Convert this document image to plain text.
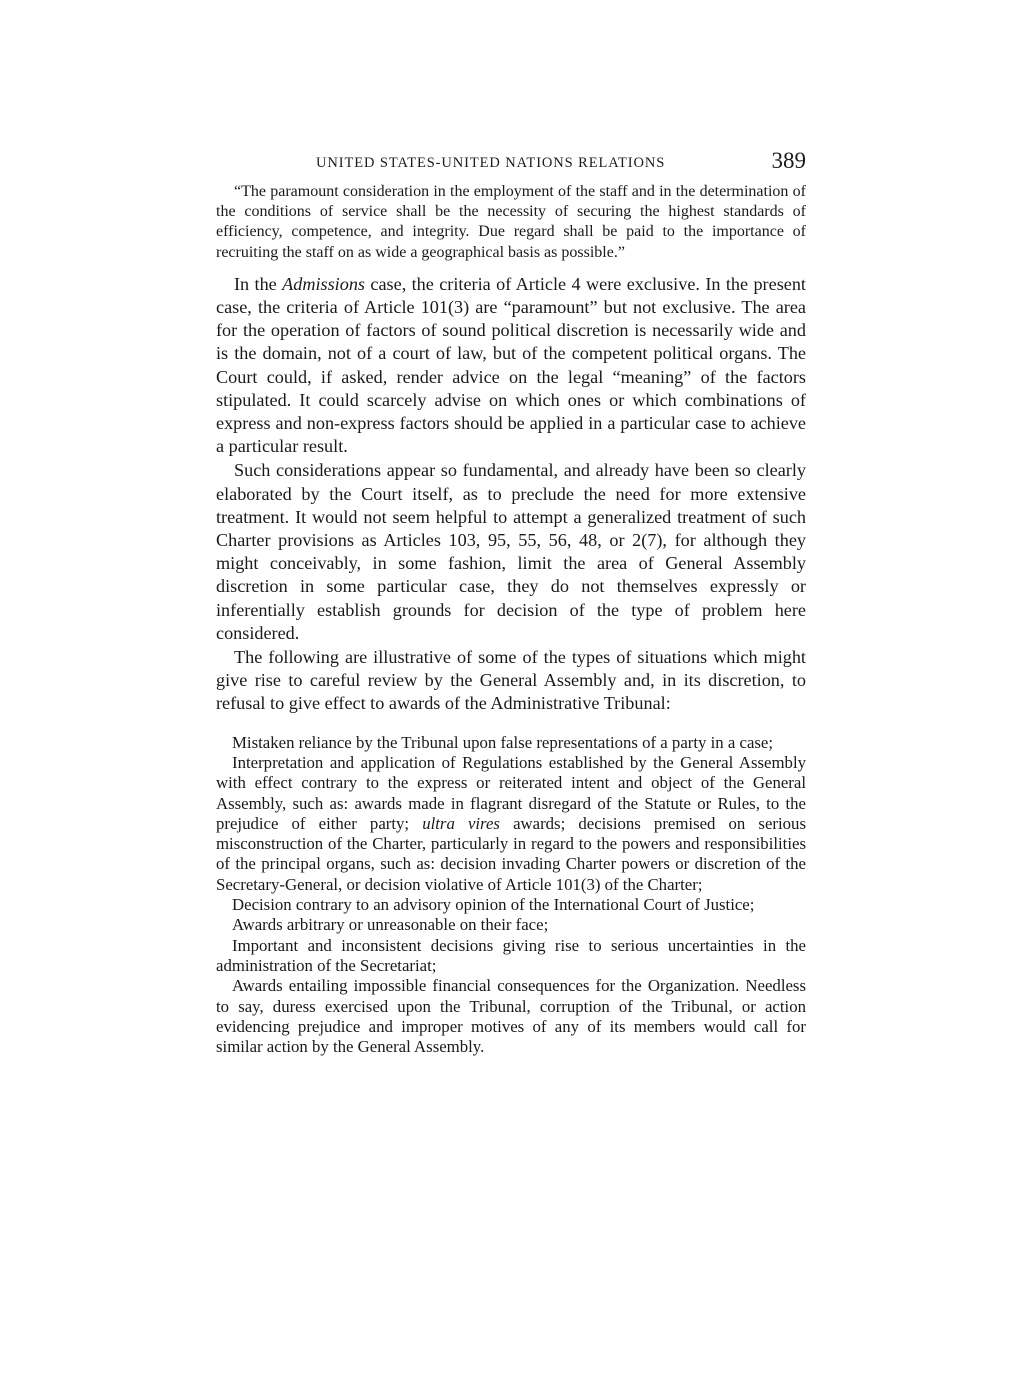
UNITED STATES-UNITED NATIONS RELATIONS	389

“The paramount consideration in the employment of the staff and in the determination of the conditions of service shall be the necessity of securing the highest standards of efficiency, competence, and integrity. Due regard shall be paid to the importance of recruiting the staff on as wide a geographical basis as possible.”

In the Admissions case, the criteria of Article 4 were exclusive. In the present case, the criteria of Article 101(3) are “paramount” but not exclusive. The area for the operation of factors of sound political discretion is necessarily wide and is the domain, not of a court of law, but of the competent political organs. The Court could, if asked, render advice on the legal “meaning” of the factors stipulated. It could scarcely advise on which ones or which combinations of express and non-express factors should be applied in a particular case to achieve a particular result.

Such considerations appear so fundamental, and already have been so clearly elaborated by the Court itself, as to preclude the need for more extensive treatment. It would not seem helpful to attempt a generalized treatment of such Charter provisions as Articles 103, 95, 55, 56, 48, or 2(7), for although they might conceivably, in some fashion, limit the area of General Assembly discretion in some particular case, they do not themselves expressly or inferentially establish grounds for decision of the type of problem here considered.

The following are illustrative of some of the types of situations which might give rise to careful review by the General Assembly and, in its discretion, to refusal to give effect to awards of the Administrative Tribunal:

Mistaken reliance by the Tribunal upon false representations of a party in a case;

Interpretation and application of Regulations established by the General Assembly with effect contrary to the express or reiterated intent and object of the General Assembly, such as: awards made in flagrant disregard of the Statute or Rules, to the prejudice of either party; ultra vires awards; decisions premised on serious misconstruction of the Charter, particularly in regard to the powers and responsibilities of the principal organs, such as: decision invading Charter powers or discretion of the Secretary-General, or decision violative of Article 101(3) of the Charter;

Decision contrary to an advisory opinion of the International Court of Justice;

Awards arbitrary or unreasonable on their face;

Important and inconsistent decisions giving rise to serious uncertainties in the administration of the Secretariat;

Awards entailing impossible financial consequences for the Organization. Needless to say, duress exercised upon the Tribunal, corruption of the Tribunal, or action evidencing prejudice and improper motives of any of its members would call for similar action by the General Assembly.
